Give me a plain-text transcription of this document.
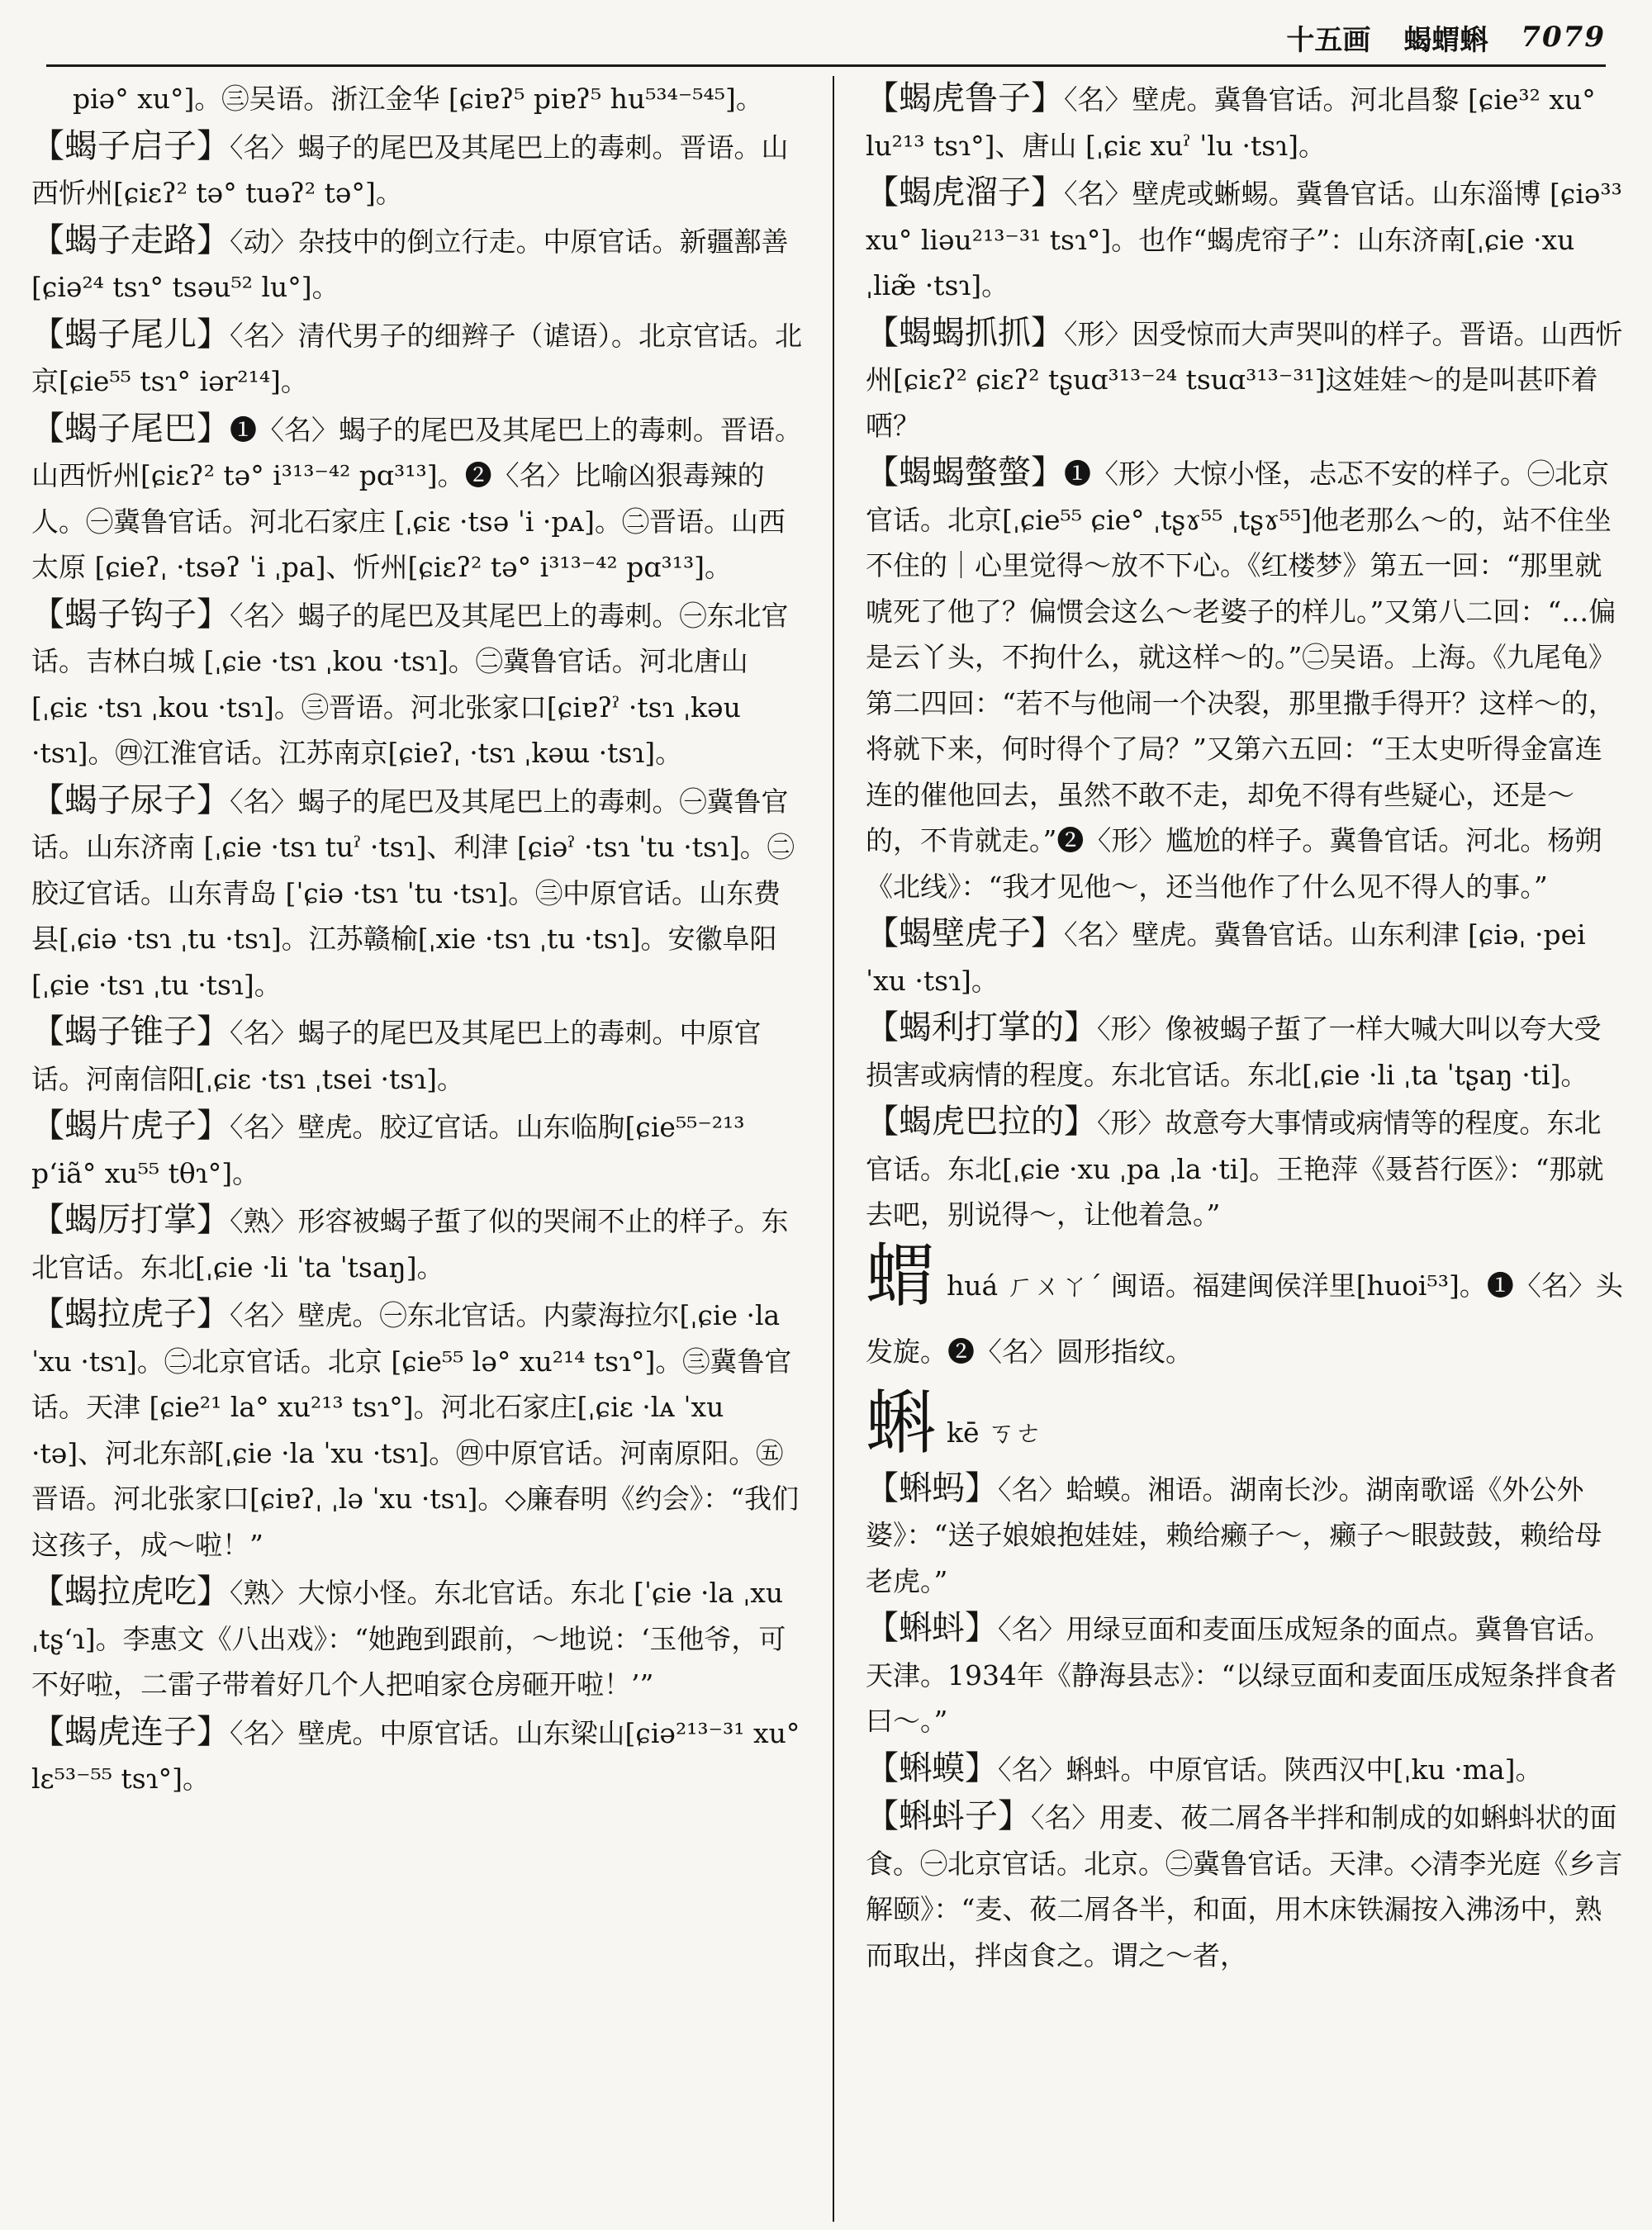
十五画 蝎蝟蝌 7079

piə° xu°]。㊂吴语。浙江金华 [ɕiɐʔ⁵ piɐʔ⁵ hu⁵³⁴⁻⁵⁴⁵]。

【蝎子启子】〈名〉蝎子的尾巴及其尾巴上的毒刺。晋语。山西忻州[ɕiɛʔ² tə° tuəʔ² tə°]。

【蝎子走路】〈动〉杂技中的倒立行走。中原官话。新疆鄯善 [ɕiə²⁴ tsɿ° tsəu⁵² lu°]。

【蝎子尾儿】〈名〉清代男子的细辫子（谑语）。北京官话。北京[ɕie⁵⁵ tsɿ° iər²¹⁴]。

【蝎子尾巴】❶〈名〉蝎子的尾巴及其尾巴上的毒刺。晋语。山西忻州[ɕiɛʔ² tə° i³¹³⁻⁴² pɑ³¹³]。❷〈名〉比喻凶狠毒辣的人。㊀冀鲁官话。河北石家庄 [ˌɕiɛ ·tsə ˈi ·pᴀ]。㊁晋语。山西太原 [ɕieʔˌ ·tsəʔ ˈi ˌpa]、忻州[ɕiɛʔ² tə° i³¹³⁻⁴² pɑ³¹³]。

【蝎子钩子】〈名〉蝎子的尾巴及其尾巴上的毒刺。㊀东北官话。吉林白城 [ˌɕie ·tsɿ ˌkou ·tsɿ]。㊁冀鲁官话。河北唐山[ˌɕiɛ ·tsɿ ˌkou ·tsɿ]。㊂晋语。河北张家口[ɕiɐʔˀ ·tsɿ ˌkəu ·tsɿ]。㊃江淮官话。江苏南京[ɕieʔˌ ·tsɿ ˌkəɯ ·tsɿ]。

【蝎子尿子】〈名〉蝎子的尾巴及其尾巴上的毒刺。㊀冀鲁官话。山东济南 [ˌɕie ·tsɿ tuˀ ·tsɿ]、利津 [ɕiəˀ ·tsɿ ˈtu ·tsɿ]。㊁胶辽官话。山东青岛 [ˈɕiə ·tsɿ ˈtu ·tsɿ]。㊂中原官话。山东费县[ˌɕiə ·tsɿ ˌtu ·tsɿ]。江苏赣榆[ˌxie ·tsɿ ˌtu ·tsɿ]。安徽阜阳 [ˌɕie ·tsɿ ˌtu ·tsɿ]。

【蝎子锥子】〈名〉蝎子的尾巴及其尾巴上的毒刺。中原官话。河南信阳[ˌɕiɛ ·tsɿ ˌtsei ·tsɿ]。

【蝎片虎子】〈名〉壁虎。胶辽官话。山东临朐[ɕie⁵⁵⁻²¹³ pʻiã° xu⁵⁵ tθɿ°]。

【蝎厉打掌】〈熟〉形容被蝎子蜇了似的哭闹不止的样子。东北官话。东北[ˌɕie ·li ˈta ˈtsaŋ]。

【蝎拉虎子】〈名〉壁虎。㊀东北官话。内蒙海拉尔[ˌɕie ·la ˈxu ·tsɿ]。㊁北京官话。北京 [ɕie⁵⁵ lə° xu²¹⁴ tsɿ°]。㊂冀鲁官话。天津 [ɕie²¹ la° xu²¹³ tsɿ°]。河北石家庄[ˌɕiɛ ·lᴀ ˈxu ·tə]、河北东部[ˌɕie ·la ˈxu ·tsɿ]。㊃中原官话。河南原阳。㊄晋语。河北张家口[ɕiɐʔˌ ˌlə ˈxu ·tsɿ]。◇廉春明《约会》：“我们这孩子，成～啦！”

【蝎拉虎吃】〈熟〉大惊小怪。东北官话。东北 [ˈɕie ·la ˌxu ˌtʂʻɿ]。李惠文《八出戏》：“她跑到跟前，～地说：‘玉他爷，可不好啦，二雷子带着好几个人把咱家仓房砸开啦！’”

【蝎虎连子】〈名〉壁虎。中原官话。山东梁山[ɕiə²¹³⁻³¹ xu° lɛ⁵³⁻⁵⁵ tsɿ°]。

【蝎虎鲁子】〈名〉壁虎。冀鲁官话。河北昌黎 [ɕie³² xu° lu²¹³ tsɿ°]、唐山 [ˌɕiɛ xuˀ ˈlu ·tsɿ]。

【蝎虎溜子】〈名〉壁虎或蜥蜴。冀鲁官话。山东淄博 [ɕiə³³ xu° liəu²¹³⁻³¹ tsɿ°]。也作“蝎虎帘子”：山东济南[ˌɕie ·xu ˌliæ̃ ·tsɿ]。

【蝎蝎抓抓】〈形〉因受惊而大声哭叫的样子。晋语。山西忻州[ɕiɛʔ² ɕiɛʔ² tʂuɑ³¹³⁻²⁴ tsuɑ³¹³⁻³¹]这娃娃～的是叫甚吓着哂？

【蝎蝎螫螫】❶〈形〉大惊小怪，忐忑不安的样子。㊀北京官话。北京[ˌɕie⁵⁵ ɕie° ˌtʂɤ⁵⁵ ˌtʂɤ⁵⁵]他老那么～的，站不住坐不住的｜心里觉得～放不下心。《红楼梦》第五一回：“那里就唬死了他了？偏惯会这么～老婆子的样儿。”又第八二回：“…偏是云丫头，不拘什么，就这样～的。”㊁吴语。上海。《九尾龟》第二四回：“若不与他闹一个决裂，那里撒手得开？这样～的，将就下来，何时得个了局？”又第六五回：“王太史听得金富连连的催他回去，虽然不敢不走，却免不得有些疑心，还是～的，不肯就走。”❷〈形〉尴尬的样子。冀鲁官话。河北。杨朔《北线》：“我才见他～，还当他作了什么见不得人的事。”

【蝎壁虎子】〈名〉壁虎。冀鲁官话。山东利津 [ɕiəˌ ·pei ˈxu ·tsɿ]。

【蝎利打掌的】〈形〉像被蝎子蜇了一样大喊大叫以夸大受损害或病情的程度。东北官话。东北[ˌɕie ·li ˌta ˈtʂaŋ ·ti]。

【蝎虎巴拉的】〈形〉故意夸大事情或病情等的程度。东北官话。东北[ˌɕie ·xu ˌpa ˌla ·ti]。王艳萍《聂苔行医》：“那就去吧，别说得～，让他着急。”

蝟huá ㄏㄨㄚˊ 闽语。福建闽侯洋里[huoi⁵³]。❶〈名〉头发旋。❷〈名〉圆形指纹。
蝌kē ㄎㄜ

【蝌蚂】〈名〉蛤蟆。湘语。湖南长沙。湖南歌谣《外公外婆》：“送子娘娘抱娃娃，赖给癞子～，癞子～眼鼓鼓，赖给母老虎。”

【蝌蚪】〈名〉用绿豆面和麦面压成短条的面点。冀鲁官话。天津。1934年《静海县志》：“以绿豆面和麦面压成短条拌食者曰～。”

【蝌蟆】〈名〉蝌蚪。中原官话。陕西汉中[ˌku ·ma]。

【蝌蚪子】〈名〉用麦、莜二屑各半拌和制成的如蝌蚪状的面食。㊀北京官话。北京。㊁冀鲁官话。天津。◇清李光庭《乡言解颐》：“麦、莜二屑各半，和面，用木床铁漏按入沸汤中，熟而取出，拌卤食之。谓之～者，
